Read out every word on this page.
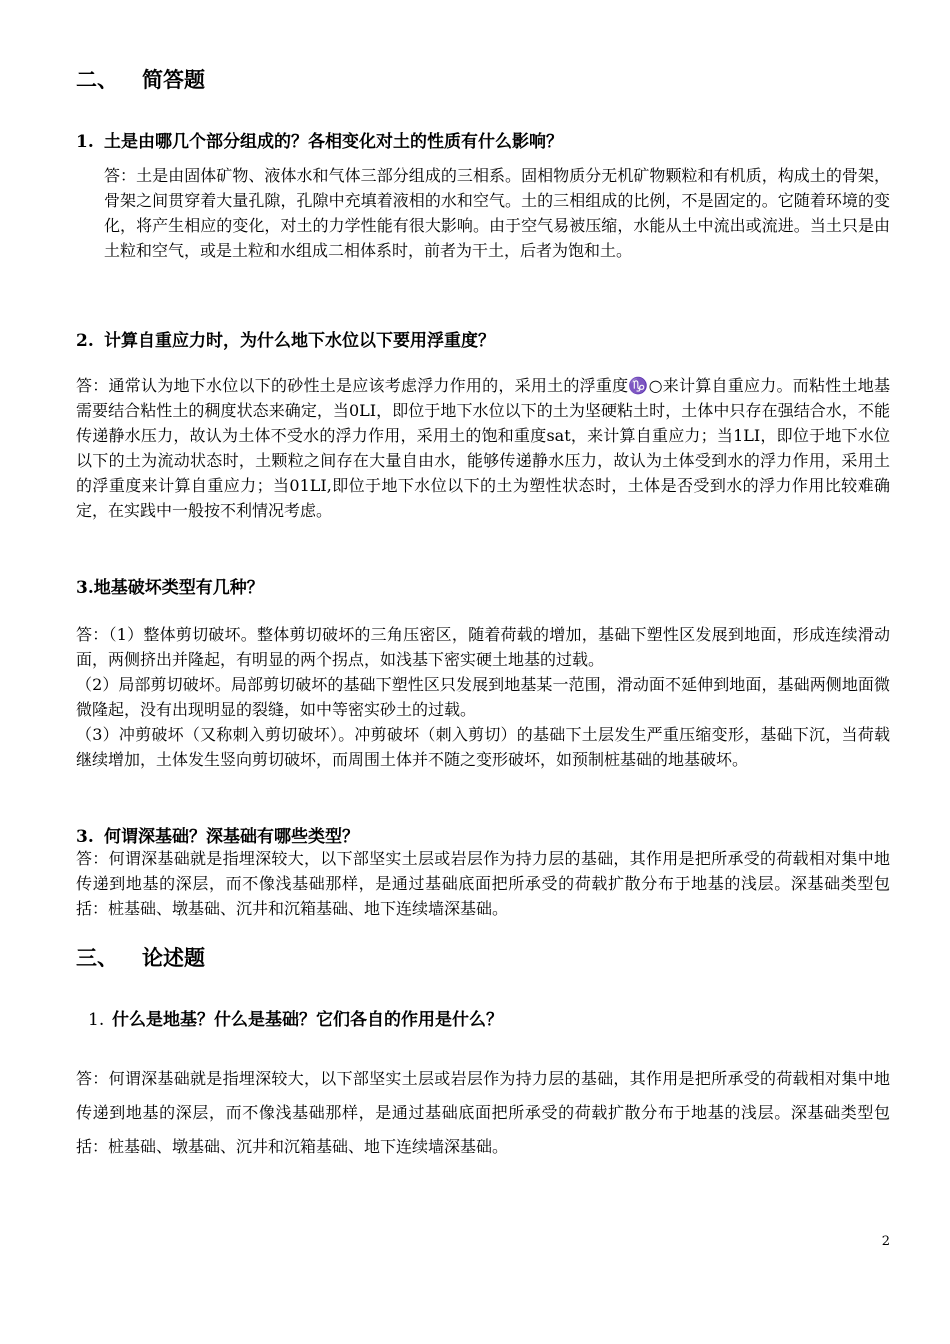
二、 简答题
1. 土是由哪几个部分组成的？各相变化对土的性质有什么影响？
答：土是由固体矿物、液体水和气体三部分组成的三相系。固相物质分无机矿物颗粒和有机质，构成土的骨架，骨架之间贯穿着大量孔隙，孔隙中充填着液相的水和空气。土的三相组成的比例，不是固定的。它随着环境的变化，将产生相应的变化，对土的力学性能有很大影响。由于空气易被压缩，水能从土中流出或流进。当土只是由土粒和空气，或是土粒和水组成二相体系时，前者为干土，后者为饱和土。
2. 计算自重应力时，为什么地下水位以下要用浮重度？
答：通常认为地下水位以下的砂性土是应该考虑浮力作用的，采用土的浮重度♑○来计算自重应力。而粘性土地基需要结合粘性土的稠度状态来确定，当0LI，即位于地下水位以下的土为坚硬粘土时，土体中只存在强结合水，不能传递静水压力，故认为土体不受水的浮力作用，采用土的饱和重度sat，来计算自重应力；当1LI，即位于地下水位以下的土为流动状态时，土颗粒之间存在大量自由水，能够传递静水压力，故认为土体受到水的浮力作用，采用土的浮重度来计算自重应力；当01LI,即位于地下水位以下的土为塑性状态时，土体是否受到水的浮力作用比较难确定，在实践中一般按不利情况考虑。
3.地基破坏类型有几种？

答：（1）整体剪切破坏。整体剪切破坏的三角压密区，随着荷载的增加，基础下塑性区发展到地面，形成连续滑动面，两侧挤出并隆起，有明显的两个拐点，如浅基下密实硬土地基的过载。

（2）局部剪切破坏。局部剪切破坏的基础下塑性区只发展到地基某一范围，滑动面不延伸到地面，基础两侧地面微微隆起，没有出现明显的裂缝，如中等密实砂土的过载。

（3）冲剪破坏（又称刺入剪切破坏）。冲剪破坏（刺入剪切）的基础下土层发生严重压缩变形，基础下沉，当荷载继续增加，土体发生竖向剪切破坏，而周围土体并不随之变形破坏，如预制桩基础的地基破坏。

3. 何谓深基础？深基础有哪些类型？
答：何谓深基础就是指埋深较大，以下部坚实土层或岩层作为持力层的基础，其作用是把所承受的荷载相对集中地传递到地基的深层，而不像浅基础那样，是通过基础底面把所承受的荷载扩散分布于地基的浅层。深基础类型包括：桩基础、墩基础、沉井和沉箱基础、地下连续墙深基础。
三、 论述题
1. 什么是地基？什么是基础？它们各自的作用是什么？
答：何谓深基础就是指埋深较大，以下部坚实土层或岩层作为持力层的基础，其作用是把所承受的荷载相对集中地传递到地基的深层，而不像浅基础那样，是通过基础底面把所承受的荷载扩散分布于地基的浅层。深基础类型包括：桩基础、墩基础、沉井和沉箱基础、地下连续墙深基础。
2
